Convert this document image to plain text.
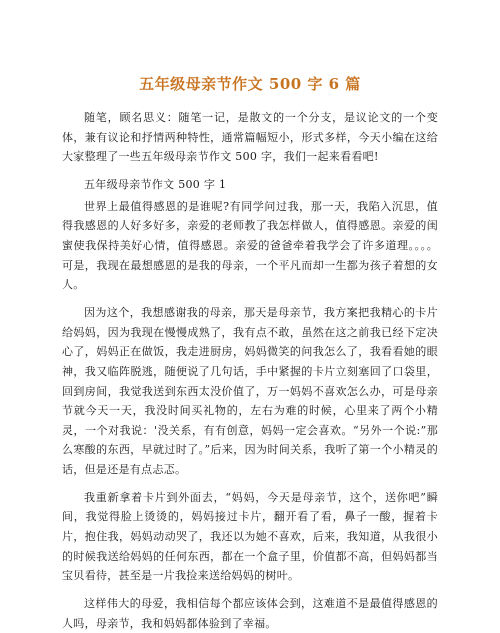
五年级母亲节作文 500 字 6 篇

随笔，顾名思义：随笔一记，是散文的一个分支，是议论文的一个变体，兼有议论和抒情两种特性，通常篇幅短小，形式多样，今天小编在这给大家整理了一些五年级母亲节作文 500 字，我们一起来看看吧!

五年级母亲节作文 500 字 1

世界上最值得感恩的是谁呢?有同学问过我，那一天，我陷入沉思，值得我感恩的人好多好多，亲爱的老师教了我怎样做人，值得感恩。亲爱的闺蜜使我保持美好心情，值得感恩。亲爱的爸爸牵着我学会了许多道理。。。。可是，我现在最想感恩的是我的母亲，一个平凡而却一生都为孩子着想的女人。

因为这个，我想感谢我的母亲，那天是母亲节，我方案把我精心的卡片给妈妈，因为我现在慢慢成熟了，我有点不敢，虽然在这之前我已经下定决心了，妈妈正在做饭，我走进厨房，妈妈微笑的问我怎么了，我看看她的眼神，我又临阵脱逃，随便说了几句话，手中紧握的卡片立刻塞回了口袋里，回到房间，我觉我送到东西太没价值了，万一妈妈不喜欢怎么办，可是母亲节就今天一天，我没时间买礼物的，左右为难的时候，心里来了两个小精灵，一个对我说：'没关系，有有创意，妈妈一定会喜欢。“另外一个说:”那么寒酸的东西，早就过时了。”后来，因为时间关系，我听了第一个小精灵的话，但是还是有点忐忑。

我重新拿着卡片到外面去，“妈妈，今天是母亲节，这个，送你吧”瞬间，我觉得脸上烫烫的，妈妈接过卡片，翻开看了看，鼻子一酸，握着卡片，抱住我，妈妈动动哭了，我还以为她不喜欢，后来，我知道，从我很小的时候我送给妈妈的任何东西，都在一个盒子里，价值都不高，但妈妈都当宝贝看待，甚至是一片我捡来送给妈妈的树叶。

这样伟大的母爱，我相信每个都应该体会到，这难道不是最值得感恩的人吗，母亲节，我和妈妈都体验到了幸福。
